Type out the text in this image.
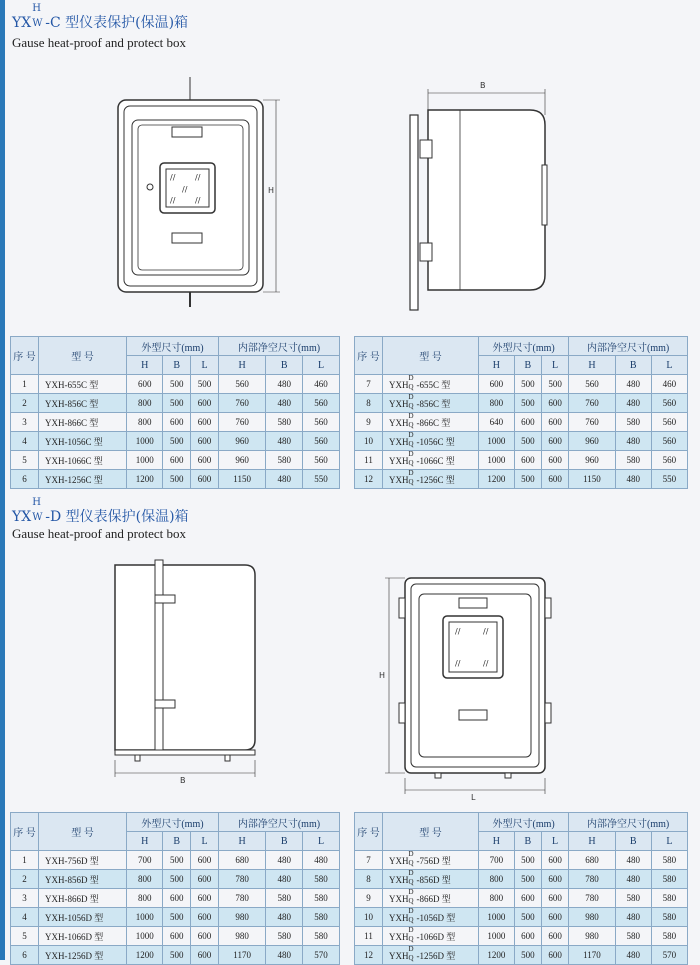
YX
H
W -C 型仪表保护(保温)箱
Gause heat-proof and protect box
// //
// //
//	H
B
序 号	型 号	外型尺寸(mm)			内部净空尺寸(mm)		
		H	B	L	H	B	L
1	YXH-655C 型	600	500	500	560	480	460
2	YXH-856C 型	800	500	600	760	480	560
3	YXH-866C 型	800	600	600	760	580	560
4	YXH-1056C 型	1000	500	600	960	480	560
5	YXH-1066C 型	1000	600	600	960	580	560
6	YXH-1256C 型	1200	500	600	1150	480	550
序 号	型 号	外型尺寸(mm)			内部净空尺寸(mm)		
		H	B	L	H	B	L
7	YXH
D
Q -655C 型	600	500	500	560	480	460
8	YXH
D
Q -856C 型	800	500	600	760	480	560
9	YXH
D
Q -866C 型	640	600	600	760	580	560
10	YXH
D
Q -1056C 型	1000	500	600	960	480	560
11	YXH
D
Q -1066C 型	1000	600	600	960	580	560
12	YXH
D
Q -1256C 型	1200	500	600	1150	480	550
YX
H
W -D 型仪表保护(保温)箱
Gause heat-proof and protect box
B
//	//
//	//
H
L
序 号	型 号	外型尺寸(mm)			内部净空尺寸(mm)		
		H	B	L	H	B	L
1	YXH-756D 型	700	500	600	680	480	480
2	YXH-856D 型	800	500	600	780	480	580
3	YXH-866D 型	800	600	600	780	580	580
4	YXH-1056D 型	1000	500	600	980	480	580
5	YXH-1066D 型	1000	600	600	980	580	580
6	YXH-1256D 型	1200	500	600	1170	480	570
序 号	型 号	外型尺寸(mm)			内部净空尺寸(mm)		
		H	B	L	H	B	L
7	YXH
D
Q -756D 型	700	500	600	680	480	580
8	YXH
D
Q -856D 型	800	500	600	780	480	580
9	YXH
D
Q -866D 型	800	600	600	780	580	580
10	YXH
D
Q -1056D 型	1000	500	600	980	480	580
11	YXH
D
Q -1066D 型	1000	600	600	980	580	580
12	YXH
D
Q -1256D 型	1200	500	600	1170	480	570
